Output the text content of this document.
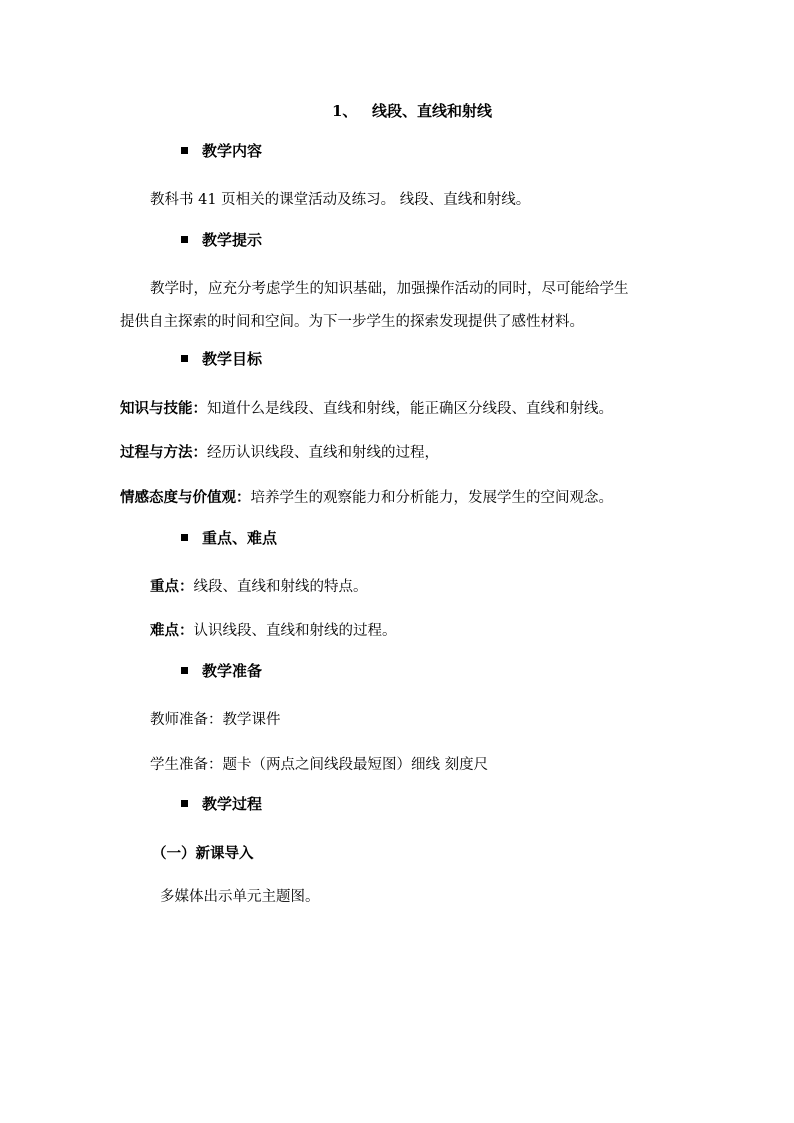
1、 线段、直线和射线
教学内容
教科书 41 页相关的课堂活动及练习。 线段、直线和射线。
教学提示
教学时，应充分考虑学生的知识基础，加强操作活动的同时，尽可能给学生
提供自主探索的时间和空间。为下一步学生的探索发现提供了感性材料。
教学目标
知识与技能：知道什么是线段、直线和射线，能正确区分线段、直线和射线。
过程与方法：经历认识线段、直线和射线的过程，
情感态度与价值观：培养学生的观察能力和分析能力，发展学生的空间观念。
重点、难点
重点：线段、直线和射线的特点。
难点：认识线段、直线和射线的过程。
教学准备
教师准备：教学课件
学生准备：题卡（两点之间线段最短图）细线 刻度尺
教学过程
（一）新课导入
多媒体出示单元主题图。
